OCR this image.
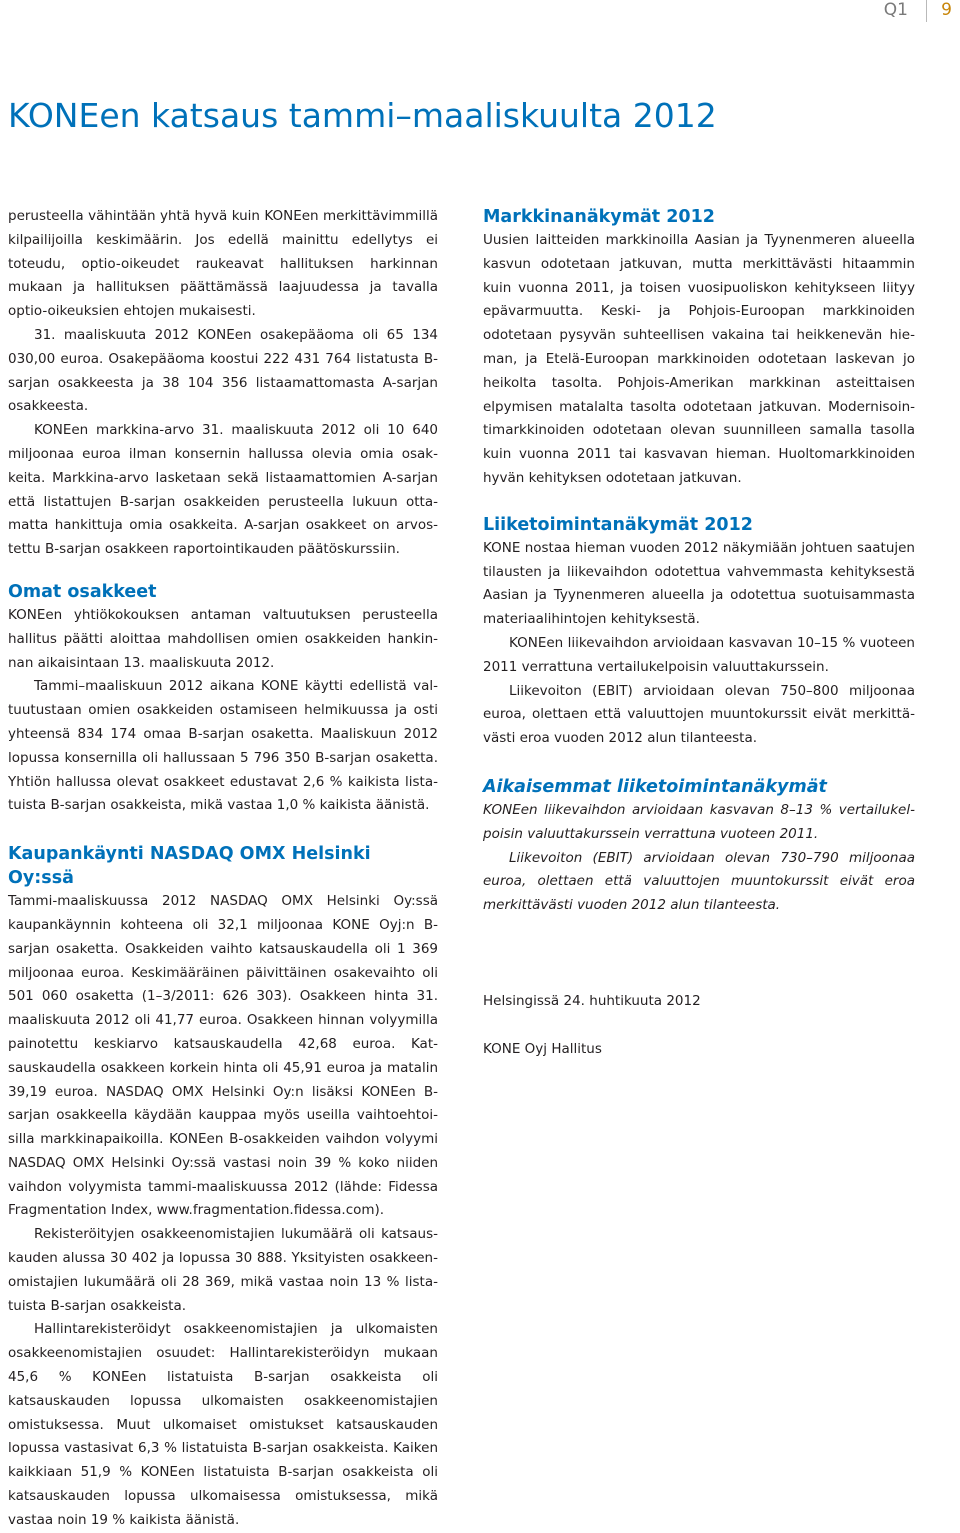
Q1 9
KONEen katsaus tammi–maaliskuulta 2012

perusteella vähintään yhtä hyvä kuin KONEen merkittävimmillä kilpailijoilla keskimäärin. Jos edellä mainittu edellytys ei toteudu, optio-oikeudet raukeavat hallituksen harkinnan mukaan ja hallituksen päättämässä laajuudessa ja tavalla optio-oikeuksien ehtojen mukaisesti.

31. maaliskuuta 2012 KONEen osakepääoma oli 65 134 030,00 euroa. Osakepääoma koostui 222 431 764 listatusta B-sarjan osakkeesta ja 38 104 356 listaamattomasta A-sarjan osakkeesta.

KONEen markkina-arvo 31. maaliskuuta 2012 oli 10 640 miljoonaa euroa ilman konsernin hallussa olevia omia osakkeita. Markkina-arvo lasketaan sekä listaamattomien A-sarjan että listattujen B-sarjan osakkeiden perusteella lukuun ottamatta hankittuja omia osakkeita. A-sarjan osakkeet on arvostettu B-sarjan osakkeen raportointikauden päätöskurssiin.

Omat osakkeet

KONEen yhtiökokouksen antaman valtuutuksen perusteella hallitus päätti aloittaa mahdollisen omien osakkeiden hankinnan aikaisintaan 13. maaliskuuta 2012.

Tammi–maaliskuun 2012 aikana KONE käytti edellistä valtuutustaan omien osakkeiden ostamiseen helmikuussa ja osti yhteensä 834 174 omaa B-sarjan osaketta. Maaliskuun 2012 lopussa konsernilla oli hallussaan 5 796 350 B-sarjan osaketta. Yhtiön hallussa olevat osakkeet edustavat 2,6 % kaikista listatuista B-sarjan osakkeista, mikä vastaa 1,0 % kaikista äänistä.

Kaupankäynti NASDAQ OMX Helsinki Oy:ssä

Tammi-maaliskuussa 2012 NASDAQ OMX Helsinki Oy:ssä kaupankäynnin kohteena oli 32,1 miljoonaa KONE Oyj:n B-sarjan osaketta. Osakkeiden vaihto katsauskaudella oli 1 369 miljoonaa euroa. Keskimääräinen päivittäinen osakevaihto oli 501 060 osaketta (1–3/2011: 626 303). Osakkeen hinta 31. maaliskuuta 2012 oli 41,77 euroa. Osakkeen hinnan volyymilla painotettu keskiarvo katsauskaudella 42,68 euroa. Katsauskaudella osakkeen korkein hinta oli 45,91 euroa ja matalin 39,19 euroa. NASDAQ OMX Helsinki Oy:n lisäksi KONEen B-sarjan osakkeella käydään kauppaa myös useilla vaihtoehtoisilla markkinapaikoilla. KONEen B-osakkeiden vaihdon volyymi NASDAQ OMX Helsinki Oy:ssä vastasi noin 39 % koko niiden vaihdon volyymista tammi-maaliskuussa 2012 (lähde: Fidessa Fragmentation Index, www.fragmentation.fidessa.com).

Rekisteröityjen osakkeenomistajien lukumäärä oli katsauskauden alussa 30 402 ja lopussa 30 888. Yksityisten osakkeenomistajien lukumäärä oli 28 369, mikä vastaa noin 13 % listatuista B-sarjan osakkeista.

Hallintarekisteröidyt osakkeenomistajien ja ulkomaisten osakkeenomistajien osuudet: Hallintarekisteröidyn mukaan 45,6 % KONEen listatuista B-sarjan osakkeista oli katsauskauden lopussa ulkomaisten osakkeenomistajien omistuksessa. Muut ulkomaiset omistukset katsauskauden lopussa vastasivat 6,3 % listatuista B-sarjan osakkeista. Kaiken kaikkiaan 51,9 % KONEen listatuista B-sarjan osakkeista oli katsauskauden lopussa ulkomaisessa omistuksessa, mikä vastaa noin 19 % kaikista äänistä.

Markkinanäkymät 2012

Uusien laitteiden markkinoilla Aasian ja Tyynenmeren alueella kasvun odotetaan jatkuvan, mutta merkittävästi hitaammin kuin vuonna 2011, ja toisen vuosipuoliskon kehitykseen liityy epävarmuutta. Keski- ja Pohjois-Euroopan markkinoiden odotetaan pysyvän suhteellisen vakaina tai heikkenevän hieman, ja Etelä-Euroopan markkinoiden odotetaan laskevan jo heikolta tasolta. Pohjois-Amerikan markkinan asteittaisen elpymisen matalalta tasolta odotetaan jatkuvan. Modernisointimarkkinoiden odotetaan olevan suunnilleen samalla tasolla kuin vuonna 2011 tai kasvavan hieman. Huoltomarkkinoiden hyvän kehityksen odotetaan jatkuvan.

Liiketoimintanäkymät 2012

KONE nostaa hieman vuoden 2012 näkymiään johtuen saatujen tilausten ja liikevaihdon odotettua vahvemmasta kehityksestä Aasian ja Tyynenmeren alueella ja odotettua suotuisammasta materiaalihintojen kehityksestä.

KONEen liikevaihdon arvioidaan kasvavan 10–15 % vuoteen 2011 verrattuna vertailukelpoisin valuuttakurssein.

Liikevoiton (EBIT) arvioidaan olevan 750–800 miljoonaa euroa, olettaen että valuuttojen muuntokurssit eivät merkittävästi eroa vuoden 2012 alun tilanteesta.

Aikaisemmat liiketoimintanäkymät

KONEen liikevaihdon arvioidaan kasvavan 8–13 % vertailukelpoisin valuuttakurssein verrattuna vuoteen 2011.

Liikevoiton (EBIT) arvioidaan olevan 730–790 miljoonaa euroa, olettaen että valuuttojen muuntokurssit eivät eroa merkittävästi vuoden 2012 alun tilanteesta.

Helsingissä 24. huhtikuuta 2012

KONE Oyj Hallitus
